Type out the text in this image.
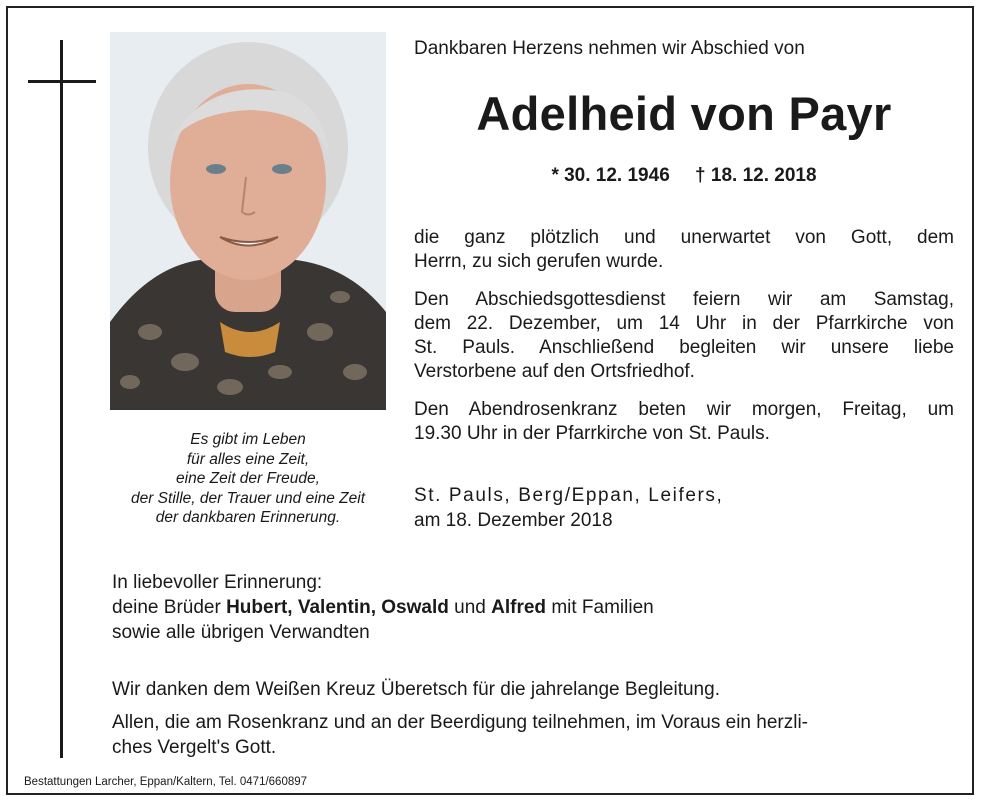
Es gibt im Leben
für alles eine Zeit,
eine Zeit der Freude,
der Stille, der Trauer und eine Zeit
der dankbaren Erinnerung.
Dankbaren Herzens nehmen wir Abschied von
Adelheid von Payr
* 30. 12. 1946 † 18. 12. 2018
die ganz plötzlich und unerwartet von Gott, dem
Herrn, zu sich gerufen wurde.
Den Abschiedsgottesdienst feiern wir am Samstag,
dem 22. Dezember, um 14 Uhr in der Pfarrkirche von
St. Pauls. Anschließend begleiten wir unsere liebe
Verstorbene auf den Ortsfriedhof.
Den Abendrosenkranz beten wir morgen, Freitag, um
19.30 Uhr in der Pfarrkirche von St. Pauls.
St. Pauls, Berg/Eppan, Leifers,
am 18. Dezember 2018
In liebevoller Erinnerung:
deine Brüder Hubert, Valentin, Oswald und Alfred mit Familien
sowie alle übrigen Verwandten
Wir danken dem Weißen Kreuz Überetsch für die jahrelange Begleitung.
Allen, die am Rosenkranz und an der Beerdigung teilnehmen, im Voraus ein herzli-
ches Vergelt's Gott.
Bestattungen Larcher, Eppan/Kaltern, Tel. 0471/660897
